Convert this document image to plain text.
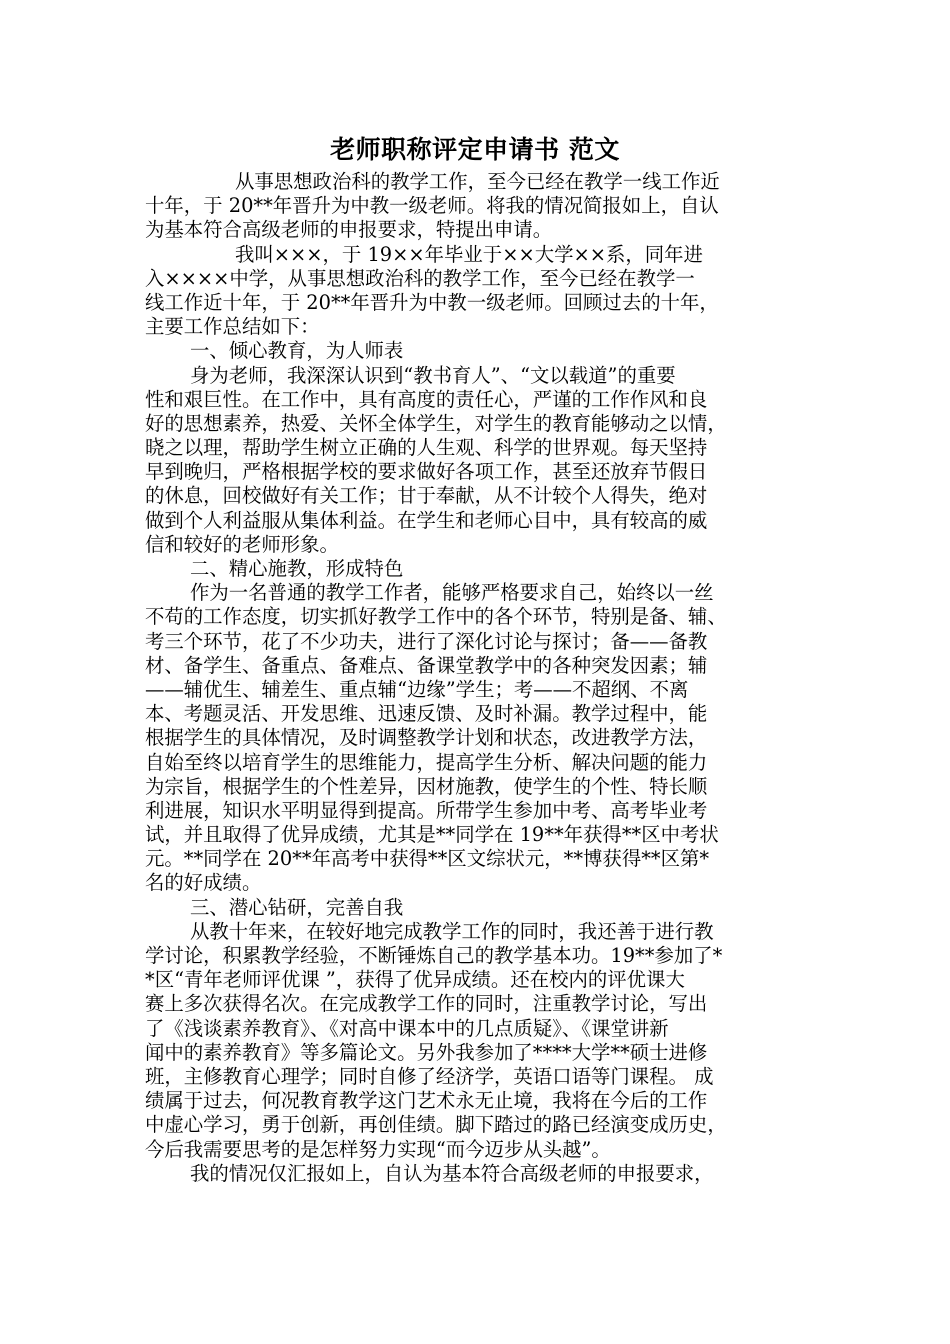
老师职称评定申请书 范文
从事思想政治科的教学工作，至今已经在教学一线工作近
十年，于 20**年晋升为中教一级老师。将我的情况简报如上，自认
为基本符合高级老师的申报要求，特提出申请。
我叫×××，于 19××年毕业于××大学××系，同年进
入××××中学，从事思想政治科的教学工作，至今已经在教学一
线工作近十年，于 20**年晋升为中教一级老师。回顾过去的十年，
主要工作总结如下：
一、倾心教育，为人师表
身为老师，我深深认识到“教书育人”、“文以载道”的重要
性和艰巨性。在工作中，具有高度的责任心，严谨的工作作风和良
好的思想素养，热爱、关怀全体学生，对学生的教育能够动之以情，
晓之以理，帮助学生树立正确的人生观、科学的世界观。每天坚持
早到晚归，严格根据学校的要求做好各项工作，甚至还放弃节假日
的休息，回校做好有关工作；甘于奉献，从不计较个人得失，绝对
做到个人利益服从集体利益。在学生和老师心目中，具有较高的威
信和较好的老师形象。
二、精心施教，形成特色
作为一名普通的教学工作者，能够严格要求自己，始终以一丝
不苟的工作态度，切实抓好教学工作中的各个环节，特别是备、辅、
考三个环节，花了不少功夫，进行了深化讨论与探讨；备——备教
材、备学生、备重点、备难点、备课堂教学中的各种突发因素；辅
——辅优生、辅差生、重点辅“边缘”学生；考——不超纲、不离
本、考题灵活、开发思维、迅速反馈、及时补漏。教学过程中，能
根据学生的具体情况，及时调整教学计划和状态，改进教学方法，
自始至终以培育学生的思维能力，提高学生分析、解决问题的能力
为宗旨，根据学生的个性差异，因材施教，使学生的个性、特长顺
利进展，知识水平明显得到提高。所带学生参加中考、高考毕业考
试，并且取得了优异成绩，尤其是**同学在 19**年获得**区中考状
元。**同学在 20**年高考中获得**区文综状元，**博获得**区第*
名的好成绩。
三、潜心钻研，完善自我
从教十年来，在较好地完成教学工作的同时，我还善于进行教
学讨论，积累教学经验，不断锤炼自己的教学基本功。19**参加了*
*区“青年老师评优课 ”，获得了优异成绩。还在校内的评优课大
赛上多次获得名次。在完成教学工作的同时，注重教学讨论，写出
了《浅谈素养教育》、《对高中课本中的几点质疑》、《课堂讲新
闻中的素养教育》等多篇论文。另外我参加了****大学**硕士进修
班，主修教育心理学；同时自修了经济学，英语口语等门课程。 成
绩属于过去，何况教育教学这门艺术永无止境，我将在今后的工作
中虚心学习，勇于创新，再创佳绩。脚下踏过的路已经演变成历史，
今后我需要思考的是怎样努力实现“而今迈步从头越”。
我的情况仅汇报如上，自认为基本符合高级老师的申报要求，
